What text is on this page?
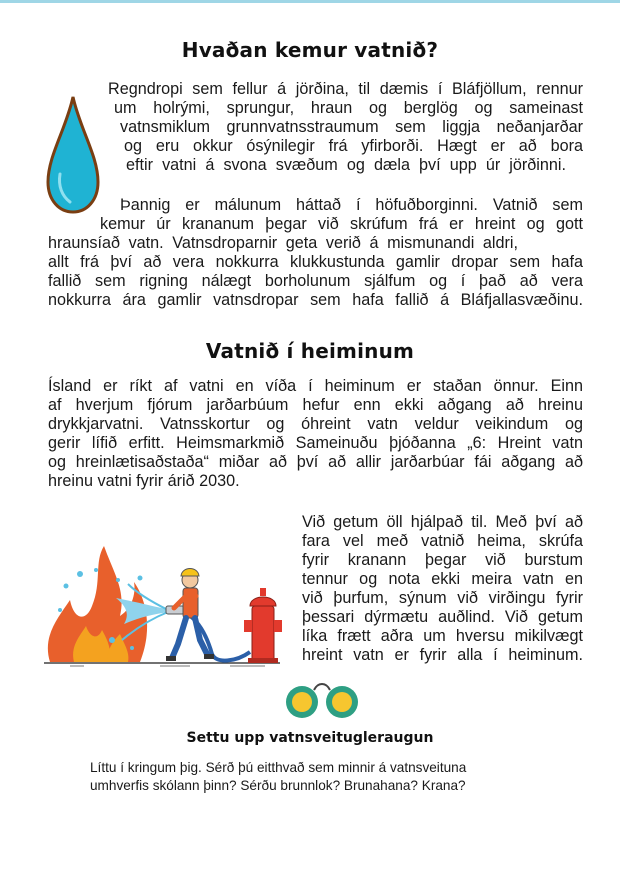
Hvaðan kemur vatnið?
Regndropi sem fellur á jörðina, til dæmis í Bláfjöllum, rennur
um holrými, sprungur, hraun og berglög og sameinast
vatnsmiklum grunnvatnsstraumum sem liggja neðanjarðar
og eru okkur ósýnilegir frá yfirborði. Hægt er að bora
eftir vatni á svona svæðum og dæla því upp úr jörðinni.
Þannig er málunum háttað í höfuðborginni. Vatnið sem
kemur úr krananum þegar við skrúfum frá er hreint og gott
hraunsíað vatn. Vatnsdroparnir geta verið á mismunandi aldri,
allt frá því að vera nokkurra klukkustunda gamlir dropar sem hafa
fallið sem rigning nálægt borholunum sjálfum og í það að vera
nokkurra ára gamlir vatnsdropar sem hafa fallið á Bláfjallasvæðinu.
Vatnið í heiminum
Ísland er ríkt af vatni en víða í heiminum er staðan önnur. Einn
af hverjum fjórum jarðarbúum hefur enn ekki aðgang að hreinu
drykkjarvatni. Vatnsskortur og óhreint vatn veldur veikindum og
gerir lífið erfitt. Heimsmarkmið Sameinuðu þjóðanna „6: Hreint vatn
og hreinlætisaðstaða“ miðar að því að allir jarðarbúar fái aðgang að
hreinu vatni fyrir árið 2030.
Við getum öll hjálpað til. Með því að
fara vel með vatnið heima, skrúfa
fyrir kranann þegar við burstum
tennur og nota ekki meira vatn en
við þurfum, sýnum við virðingu fyrir
þessari dýrmætu auðlind. Við getum
líka frætt aðra um hversu mikilvægt
hreint vatn er fyrir alla í heiminum.
Settu upp vatnsveitugleraugun
Líttu í kringum þig. Sérð þú eitthvað sem minnir á vatnsveituna
umhverfis skólann þinn? Sérðu brunnlok? Brunahana? Krana?
